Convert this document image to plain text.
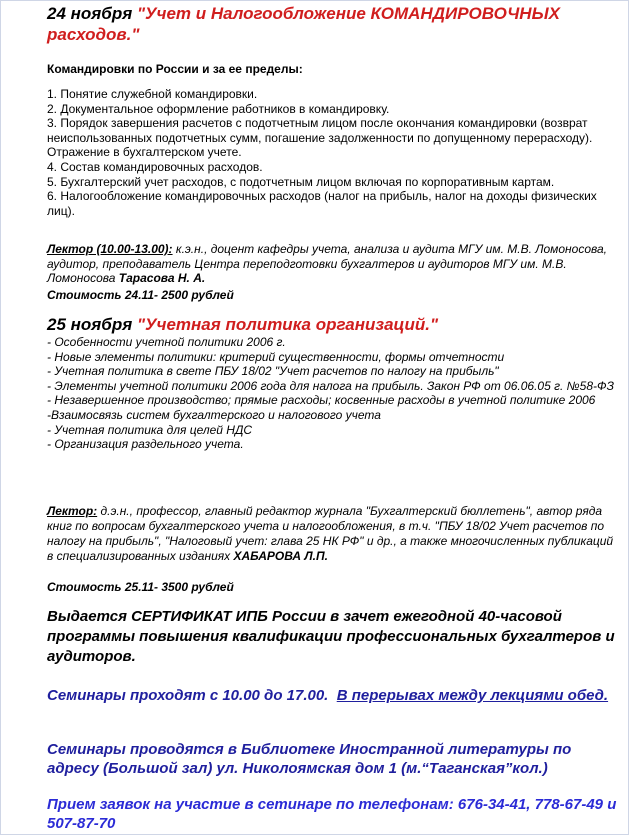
24 ноября "Учет и Налогообложение КОМАНДИРОВОЧНЫХ расходов."
Командировки по России и за ее пределы:
1. Понятие служебной командировки.
2. Документальное оформление работников в командировку.
3. Порядок завершения расчетов с подотчетным лицом после окончания командировки (возврат неиспользованных подотчетных сумм, погашение задолженности по допущенному перерасходу). Отражение в бухгалтерском учете.
4. Состав командировочных расходов.
5. Бухгалтерский учет расходов, с подотчетным лицом включая по корпоративным картам.
6. Налогообложение командировочных расходов (налог на прибыль, налог на доходы физических лиц).
Лектор (10.00-13.00): к.э.н., доцент кафедры учета, анализа и аудита МГУ им. М.В. Ломоносова, аудитор, преподаватель Центра переподготовки бухгалтеров и аудиторов МГУ им. М.В. Ломоносова Тарасова Н. А.
Стоимость 24.11- 2500 рублей
25 ноября "Учетная политика организаций."
- Особенности учетной политики 2006 г.
- Новые элементы политики: критерий существенности, формы отчетности
- Учетная политика в свете ПБУ 18/02 "Учет расчетов по налогу на прибыль"
- Элементы учетной политики 2006 года для налога на прибыль. Закон РФ от 06.06.05 г. №58-ФЗ
- Незавершенное производство; прямые расходы; косвенные расходы в учетной политике 2006
-Взаимосвязь систем бухгалтерского и налогового учета
- Учетная политика для целей НДС
- Организация раздельного учета.
Лектор: д.э.н., профессор, главный редактор журнала "Бухгалтерский бюллетень", автор ряда книг по вопросам бухгалтерского учета и налогообложения, в т.ч. "ПБУ 18/02 Учет расчетов по налогу на прибыль", "Налоговый учет: глава 25 НК РФ" и др., а также многочисленных публикаций в специализированных изданиях ХАБАРОВА Л.П.
Стоимость 25.11- 3500 рублей
Выдается СЕРТИФИКАТ ИПБ России в зачет ежегодной 40-часовой программы повышения квалификации профессиональных бухгалтеров и аудиторов.
Семинары проходят с 10.00 до 17.00. В перерывах между лекциями обед.
Семинары проводятся в Библиотеке Иностранной литературы по адресу (Большой зал) ул. Николоямская дом 1 (м.“Таганская”кол.)
Прием заявок на участие в сетинаре по телефонам: 676-34-41, 778-67-49 и 507-87-70
